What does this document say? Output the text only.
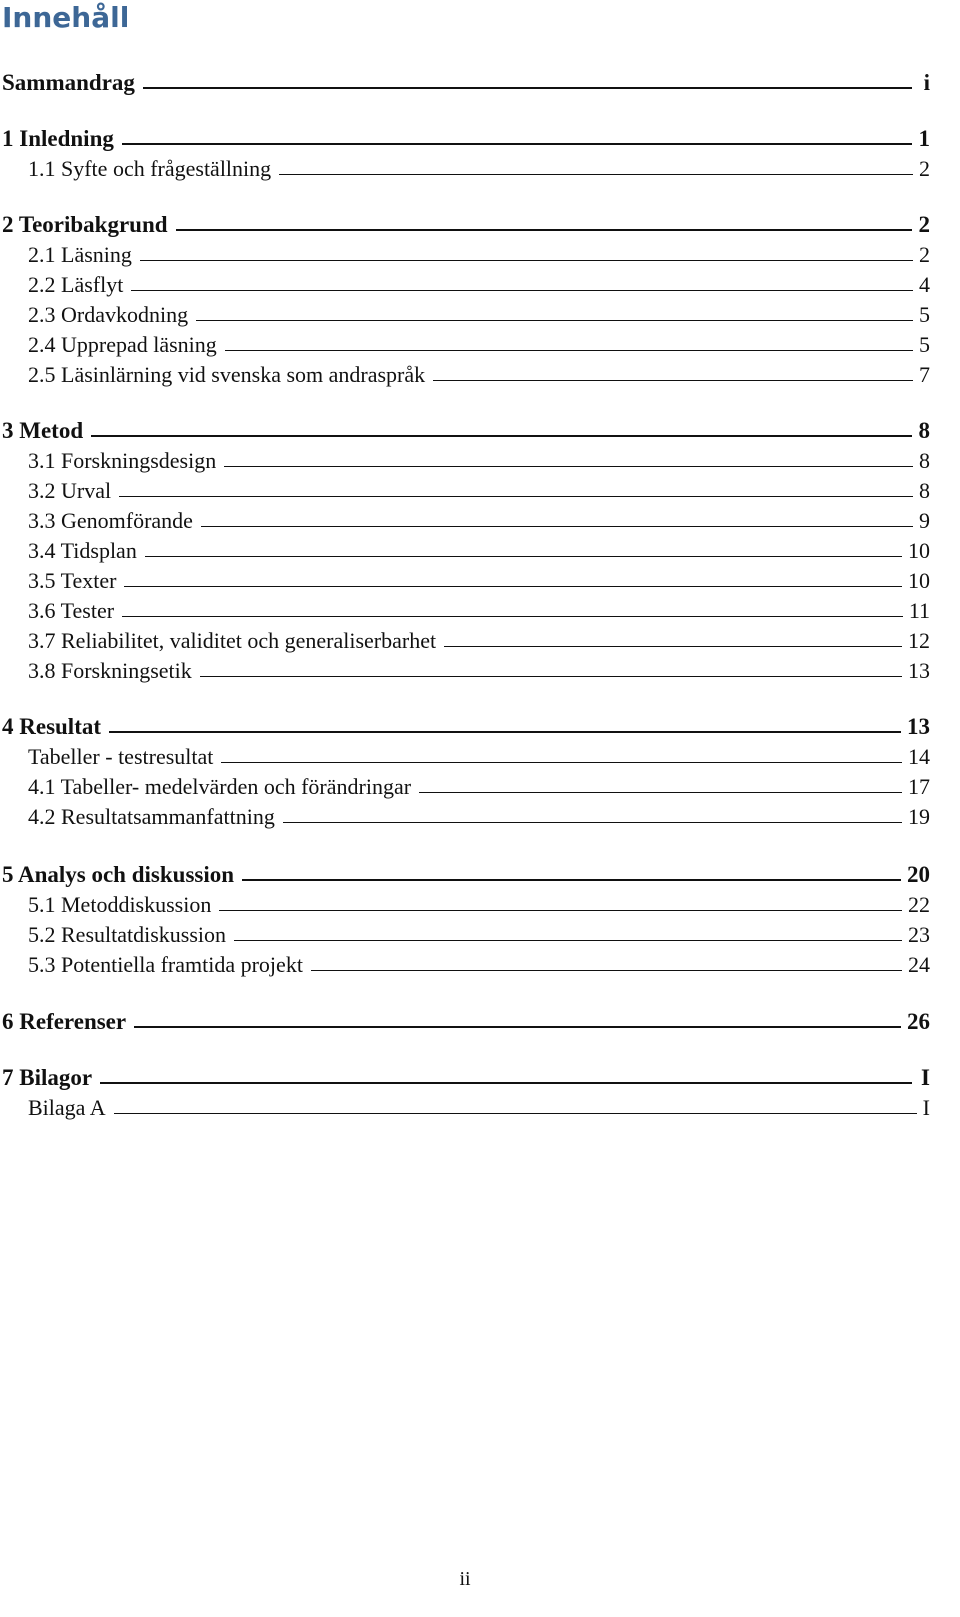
Innehåll
Sammandrag	i
1 Inledning	1
1.1 Syfte och frågeställning	2
2 Teoribakgrund	2
2.1 Läsning	2
2.2 Läsflyt	4
2.3 Ordavkodning	5
2.4 Upprepad läsning	5
2.5 Läsinlärning vid svenska som andraspråk	7
3 Metod	8
3.1 Forskningsdesign	8
3.2 Urval	8
3.3 Genomförande	9
3.4 Tidsplan	10
3.5 Texter	10
3.6 Tester	11
3.7 Reliabilitet, validitet och generaliserbarhet	12
3.8 Forskningsetik	13
4 Resultat	13
Tabeller - testresultat	14
4.1 Tabeller- medelvärden och förändringar	17
4.2 Resultatsammanfattning	19
5 Analys och diskussion	20
5.1 Metoddiskussion	22
5.2 Resultatdiskussion	23
5.3 Potentiella framtida projekt	24
6 Referenser	26
7 Bilagor	I
Bilaga A	I
ii
